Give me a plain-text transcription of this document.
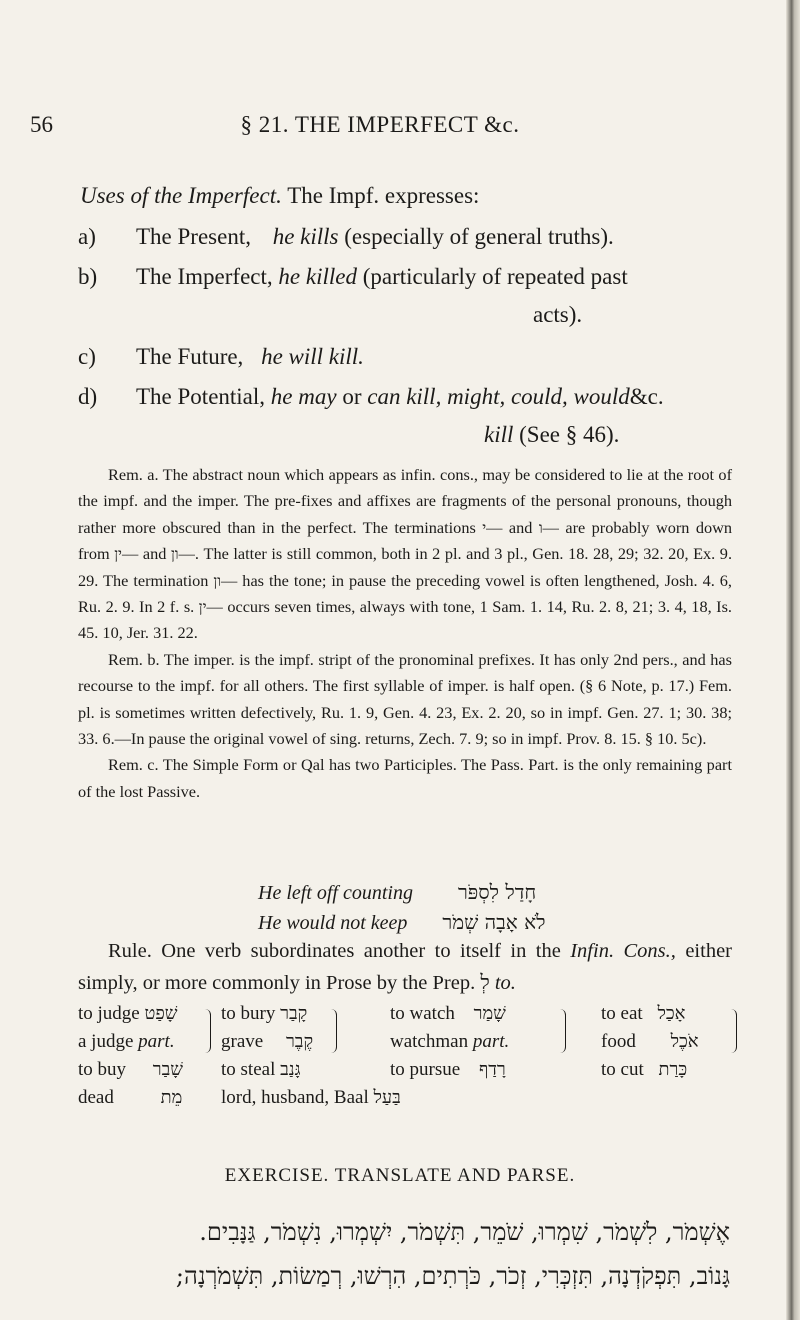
56	§ 21. THE IMPERFECT &c.
Uses of the Imperfect. The Impf. expresses:
a) The Present, he kills (especially of general truths).
b) The Imperfect, he killed (particularly of repeated past
acts).
c) The Future, he will kill.
d) The Potential, he may or can kill, might, could, would&c.
kill (See § 46).

Rem. a. The abstract noun which appears as infin. cons., may be considered to lie at the root of the impf. and the imper. The pre-fixes and affixes are fragments of the personal pronouns, though rather more obscured than in the perfect. The terminations י— and ו— are probably worn down from ין— and ון—. The latter is still common, both in 2 pl. and 3 pl., Gen. 18. 28, 29; 32. 20, Ex. 9. 29. The termination ון— has the tone; in pause the preceding vowel is often lengthened, Josh. 4. 6, Ru. 2. 9. In 2 f. s. ין— occurs seven times, always with tone, 1 Sam. 1. 14, Ru. 2. 8, 21; 3. 4, 18, Is. 45. 10, Jer. 31. 22.

Rem. b. The imper. is the impf. stript of the pronominal prefixes. It has only 2nd pers., and has recourse to the impf. for all others. The first syllable of imper. is half open. (§ 6 Note, p. 17.) Fem. pl. is sometimes written defectively, Ru. 1. 9, Gen. 4. 23, Ex. 2. 20, so in impf. Gen. 27. 1; 30. 38; 33. 6.—In pause the original vowel of sing. returns, Zech. 7. 9; so in impf. Prov. 8. 15. § 10. 5c).

Rem. c. The Simple Form or Qal has two Participles. The Pass. Part. is the only remaining part of the lost Passive.

He left off counting חָדַל לִסְפֹּר
He would not keep לֹא אָבָה שְׁמֹר

Rule. One verb subordinates another to itself in the Infin. Cons., either simply, or more commonly in Prose by the Prep. לְ to.

to judge שָׁפַט
a judge part.
to buy שָׁבַר
dead	מֵת
to bury קָבַר
grave קֶבֶר
to steal גָּנַב
lord, husband, Baal בַּעַל
to watch שָׁמַר
watchman part.
to pursue רָדַף
to eat אָכַל
food אֹכֶל
to cut כָּרַת
EXERCISE. TRANSLATE AND PARSE.
אֶשְׁמֹר, לִשְׁמֹר, שִׁמְרוּ, שֹׁמֵר, תִּשְׁמֹר, יִשְׁמְרוּ, נִשְׁמֹר, גַּנָּבִים.
גָּנוֹב, תִּפְקֹדְנָה, תִּזְכְּרִי, זְכֹר, כֹּרְתִים, הִרְשׁוּ, רְמַשׂוֹת, תִּשְׁמֹרְנָה;
